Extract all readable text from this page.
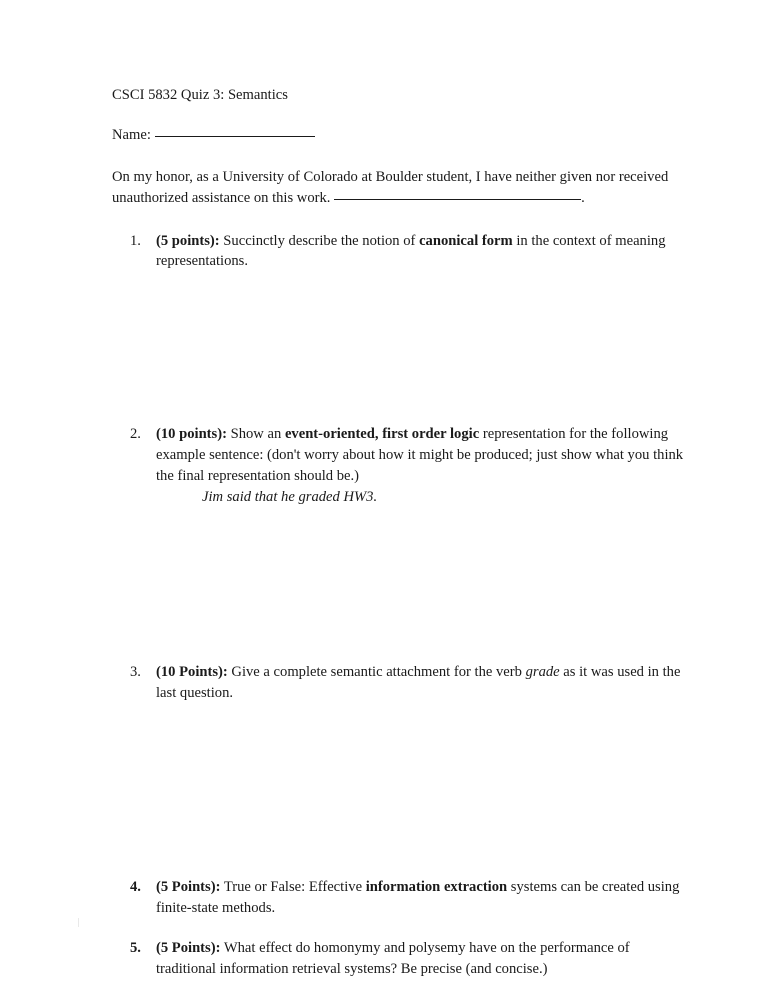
CSCI 5832 Quiz 3: Semantics

Name:

On my honor, as a University of Colorado at Boulder student, I have neither given nor received unauthorized assistance on this work.	.

1.	(5 points): Succinctly describe the notion of canonical form in the context of meaning representations.
2.	(10 points): Show an event-oriented, first order logic representation for the following example sentence: (don't worry about how it might be produced; just show what you think the final representation should be.)
Jim said that he graded HW3.
3.	(10 Points): Give a complete semantic attachment for the verb grade as it was used in the last question.
4.	(5 Points): True or False: Effective information extraction systems can be created using finite-state methods.
5.	(5 Points): What effect do homonymy and polysemy have on the performance of traditional information retrieval systems? Be precise (and concise.)
